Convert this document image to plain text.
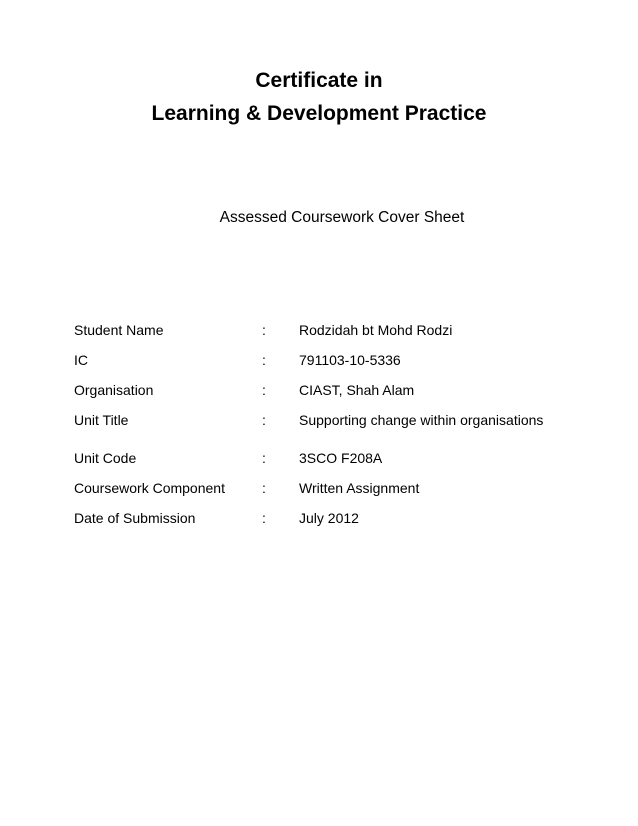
Certificate in
Learning & Development Practice
Assessed Coursework Cover Sheet
Student Name	: Rodzidah bt Mohd Rodzi
IC	: 791103-10-5336
Organisation	: CIAST, Shah Alam
Unit Title	: Supporting change within organisations
Unit Code	: 3SCO F208A
Coursework Component	: Written Assignment
Date of Submission	: July 2012
